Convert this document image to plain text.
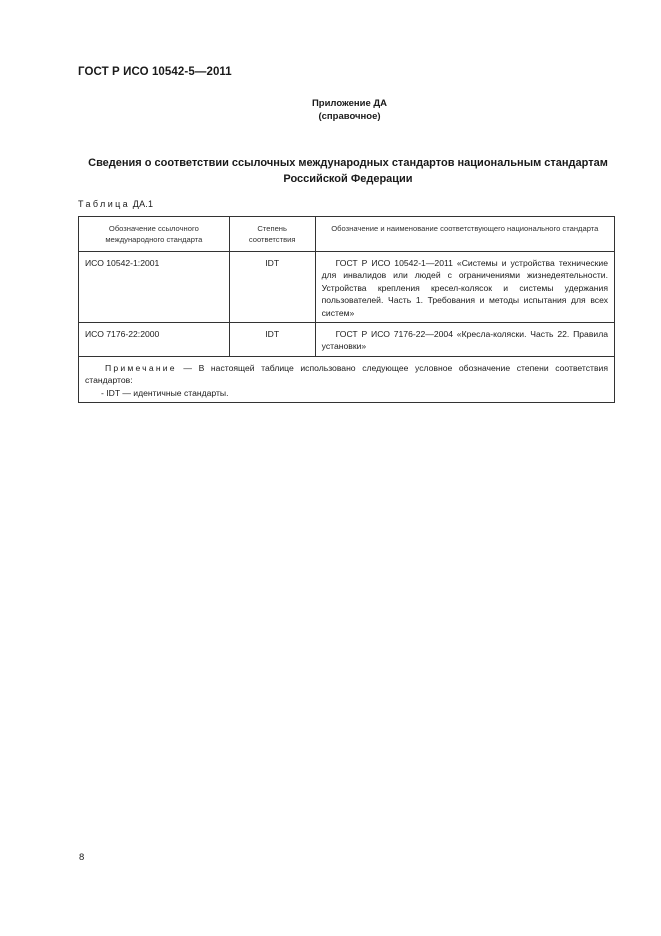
ГОСТ Р ИСО 10542-5—2011
Приложение ДА
(справочное)
Сведения о соответствии ссылочных международных стандартов национальным стандартам Российской Федерации
Таблица ДА.1
Обозначение ссылочного международного стандарта	Степень соответствия	Обозначение и наименование соответствующего национального стандарта
ИСО 10542-1:2001	IDT	ГОСТ Р ИСО 10542-1—2011 «Системы и устройства технические для инвалидов или людей с ограничениями жизнедеятельности. Устройства крепления кресел-колясок и системы удержания пользователей. Часть 1. Требования и методы испытания для всех систем»
ИСО 7176-22:2000	IDT	ГОСТ Р ИСО 7176-22—2004 «Кресла-коляски. Часть 22. Правила установки»
Примечание — В настоящей таблице использовано следующее условное обозначение степени соответствия стандартов:
- IDT — идентичные стандарты.		
8
